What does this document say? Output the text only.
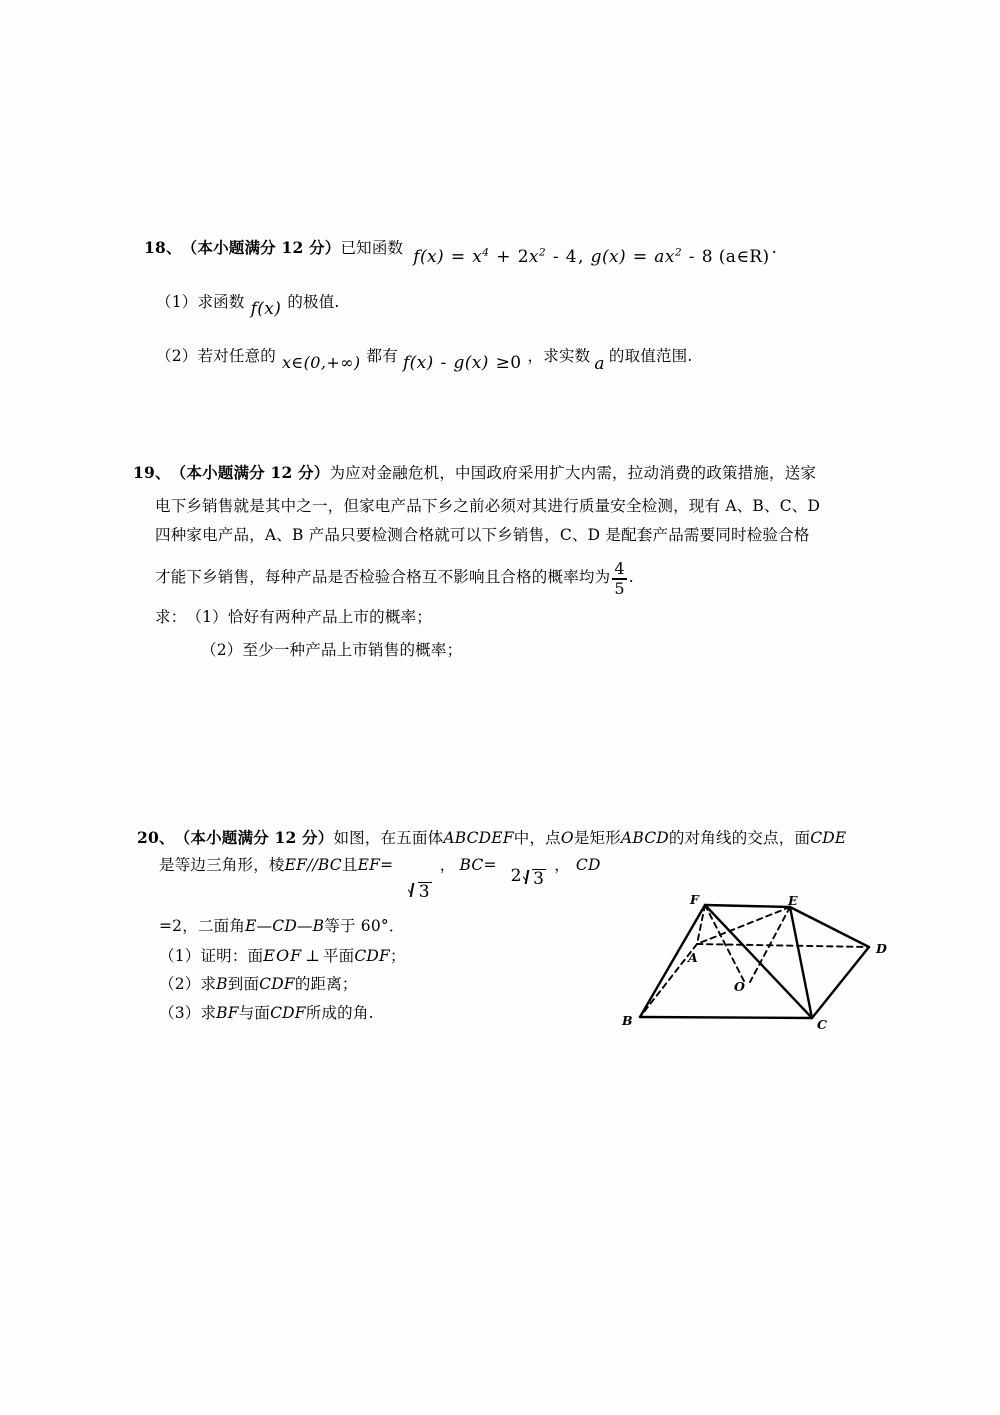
18、 （本小题满分 12 分） 已知函数 $f(x) = x^4 + 2x^2 - 4$, $g(x) = ax^2 - 8$ (a∈R) .
（1） 求函数 f(x) 的极值.
（2） 若对任意的 x∈(0,+∞) 都有 f(x) - g(x) ≥0 ， 求实数 a 的取值范围.
19、 （本小题满分 12 分） 为应对金融危机，中国政府采用扩大内需，拉动消费的政策措施，送家
电下乡销售就是其中之一，但家电产品下乡之前必须对其进行质量安全检测，现有 A、B、C、D
四种家电产品，A、B 产品只要检测合格就可以下乡销售，C、D 是配套产品需要同时检验合格
才能下乡销售，每种产品是否检验合格互不影响且合格的概率均为 $\frac{4}{5}$ .
求： （1）恰好有两种产品上市的概率；
（2）至少一种产品上市销售的概率；
20、 （本小题满分 12 分） 如图，在五面体 ABCDEF 中，点 O 是矩形 ABCD 的对角线的交点，面 CDE
是等边三角形，棱 EF//BC 且 EF =
3
， BC =
2 3
， CD
=2， 二面角 E—CD—B 等于 60°．
（1） 证明：面 EOF ⊥ 平面 CDF ；
（2） 求 B 到面 CDF 的距离；
（3） 求 BF 与面 CDF 所成的角.
F	E
D
A
B	C
O
